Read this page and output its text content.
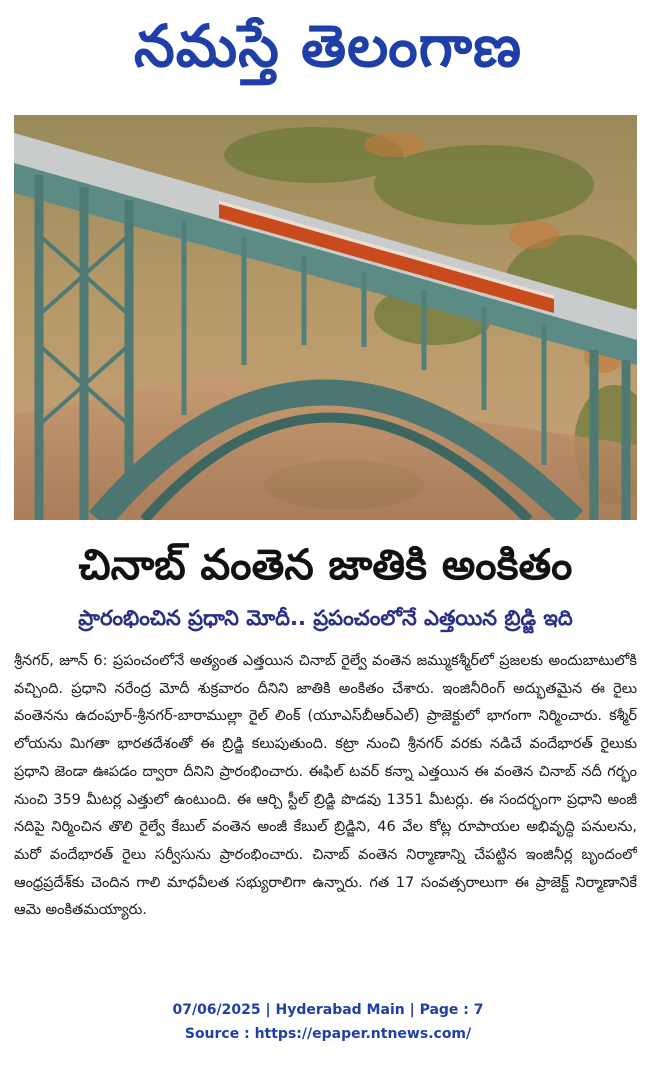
నమస్తే తెలంగాణ
చినాబ్ వంతెన జాతికి అంకితం
ప్రారంభించిన ప్రధాని మోదీ.. ప్రపంచంలోనే ఎత్తయిన బ్రిడ్జి ఇది

శ్రీనగర్, జూన్ 6: ప్రపంచంలోనే అత్యంత ఎత్తయిన చినాబ్ రైల్వే వంతెన జమ్ముకశ్మీర్‌లో ప్రజలకు అందుబాటులోకి వచ్చింది. ప్రధాని నరేంద్ర మోదీ శుక్రవారం దీనిని జాతికి అంకితం చేశారు. ఇంజినీరింగ్ అద్భుతమైన ఈ రైలు వంతెనను ఉదంపూర్-శ్రీనగర్-బారాముల్లా రైల్ లింక్ (యూఎస్‌బీఆర్‌ఎల్) ప్రాజెక్టులో భాగంగా నిర్మించారు. కశ్మీర్ లోయను మిగతా భారతదేశంతో ఈ బ్రిడ్జి కలుపుతుంది. కట్రా నుంచి శ్రీనగర్ వరకు నడిచే వందేభారత్ రైలుకు ప్రధాని జెండా ఊపడం ద్వారా దీనిని ప్రారంభించారు. ఈఫిల్ టవర్ కన్నా ఎత్తయిన ఈ వంతెన చినాబ్ నదీ గర్భం నుంచి 359 మీటర్ల ఎత్తులో ఉంటుంది. ఈ ఆర్చి స్టీల్ బ్రిడ్జి పొడవు 1351 మీటర్లు. ఈ సందర్భంగా ప్రధాని అంజీ నదిపై నిర్మించిన తొలి రైల్వే కేబుల్ వంతెన అంజీ కేబుల్ బ్రిడ్జిని, 46 వేల కోట్ల రూపాయల అభివృద్ధి పనులను, మరో వందేభారత్ రైలు సర్వీసును ప్రారంభించారు. చినాబ్ వంతెన నిర్మాణాన్ని చేపట్టిన ఇంజినీర్ల బృందంలో ఆంధ్రప్రదేశ్‌కు చెందిన గాలి మాధవీలత సభ్యురాలిగా ఉన్నారు. గత 17 సంవత్సరాలుగా ఈ ప్రాజెక్ట్ నిర్మాణానికే ఆమె అంకితమయ్యారు.

07/06/2025 | Hyderabad Main | Page : 7
Source : https://epaper.ntnews.com/
